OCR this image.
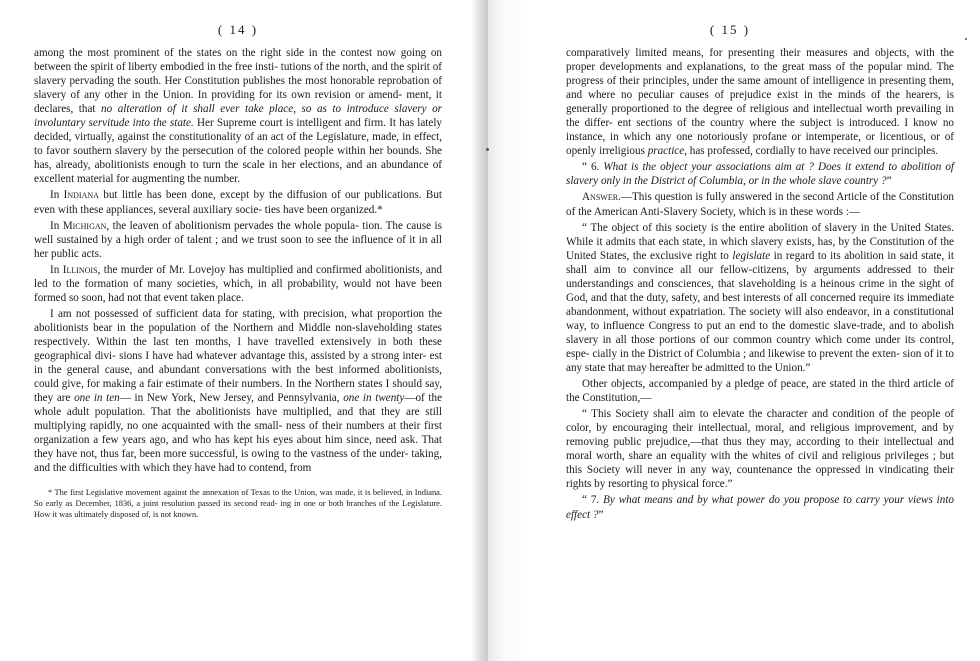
( 14 )

among the most prominent of the states on the right side in the contest now going on between the spirit of liberty embodied in the free insti- tutions of the north, and the spirit of slavery pervading the south. Her Constitution publishes the most honorable reprobation of slavery of any other in the Union. In providing for its own revision or amend- ment, it declares, that no alteration of it shall ever take place, so as to introduce slavery or involuntary servitude into the state. Her Supreme court is intelligent and firm. It has lately decided, virtually, against the constitutionality of an act of the Legislature, made, in effect, to favor southern slavery by the persecution of the colored people within her bounds. She has, already, abolitionists enough to turn the scale in her elections, and an abundance of excellent material for augmenting the number.

In Indiana but little has been done, except by the diffusion of our publications. But even with these appliances, several auxiliary socie- ties have been organized.*

In Michigan, the leaven of abolitionism pervades the whole popula- tion. The cause is well sustained by a high order of talent ; and we trust soon to see the influence of it in all her public acts.

In Illinois, the murder of Mr. Lovejoy has multiplied and confirmed abolitionists, and led to the formation of many societies, which, in all probability, would not have been formed so soon, had not that event taken place.

I am not possessed of sufficient data for stating, with precision, what proportion the abolitionists bear in the population of the Northern and Middle non-slaveholding states respectively. Within the last ten months, I have travelled extensively in both these geographical divi- sions I have had whatever advantage this, assisted by a strong inter- est in the general cause, and abundant conversations with the best informed abolitionists, could give, for making a fair estimate of their numbers. In the Northern states I should say, they are one in ten— in New York, New Jersey, and Pennsylvania, one in twenty—of the whole adult population. That the abolitionists have multiplied, and that they are still multiplying rapidly, no one acquainted with the small- ness of their numbers at their first organization a few years ago, and who has kept his eyes about him since, need ask. That they have not, thus far, been more successful, is owing to the vastness of the under- taking, and the difficulties with which they have had to contend, from

* The first Legislative movement against the annexation of Texas to the Union, was made, it is believed, in Indiana. So early as December, 1836, a joint resolution passed its second read- ing in one or both branches of the Legislature. How it was ultimately disposed of, is not known.

( 15 )

comparatively limited means, for presenting their measures and objects, with the proper developments and explanations, to the great mass of the popular mind. The progress of their principles, under the same amount of intelligence in presenting them, and where no peculiar causes of prejudice exist in the minds of the hearers, is generally proportioned to the degree of religious and intellectual worth prevailing in the differ- ent sections of the country where the subject is introduced. I know no instance, in which any one notoriously profane or intemperate, or licentious, or of openly irreligious practice, has professed, cordially to have received our principles.

“ 6. What is the object your associations aim at ? Does it extend to abolition of slavery only in the District of Columbia, or in the whole slave country ?”

Answer.—This question is fully answered in the second Article of the Constitution of the American Anti-Slavery Society, which is in these words :—

“ The object of this society is the entire abolition of slavery in the United States. While it admits that each state, in which slavery exists, has, by the Constitution of the United States, the exclusive right to legislate in regard to its abolition in said state, it shall aim to convince all our fellow-citizens, by arguments addressed to their understandings and consciences, that slaveholding is a heinous crime in the sight of God, and that the duty, safety, and best interests of all concerned require its immediate abandonment, without expatriation. The society will also endeavor, in a constitutional way, to influence Congress to put an end to the domestic slave-trade, and to abolish slavery in all those portions of our common country which come under its control, espe- cially in the District of Columbia ; and likewise to prevent the exten- sion of it to any state that may hereafter be admitted to the Union.”

Other objects, accompanied by a pledge of peace, are stated in the third article of the Constitution,—

“ This Society shall aim to elevate the character and condition of the people of color, by encouraging their intellectual, moral, and religious improvement, and by removing public prejudice,—that thus they may, according to their intellectual and moral worth, share an equality with the whites of civil and religious privileges ; but this Society will never in any way, countenance the oppressed in vindicating their rights by resorting to physical force.”

“ 7. By what means and by what power do you propose to carry your views into effect ?”
